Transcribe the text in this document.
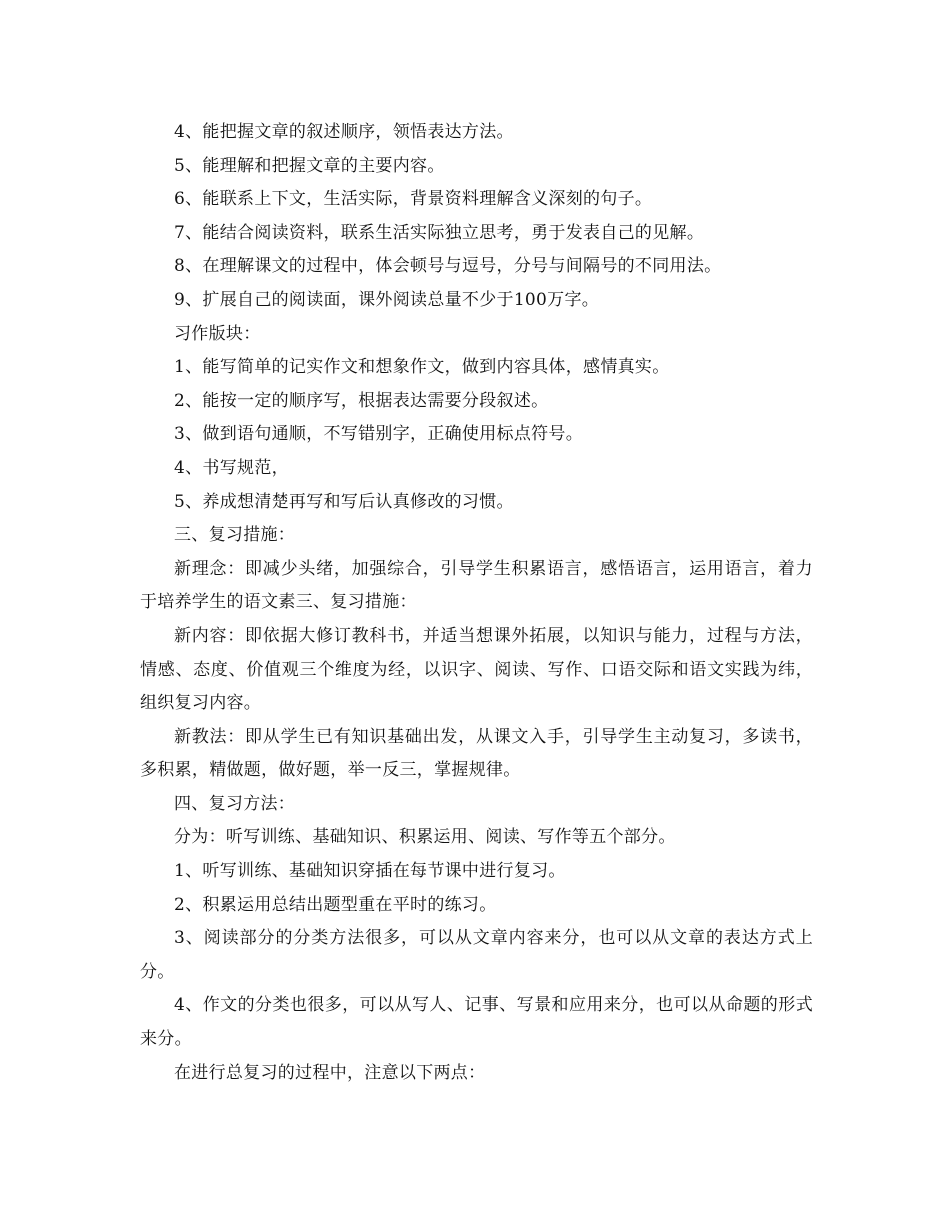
4、能把握文章的叙述顺序，领悟表达方法。

5、能理解和把握文章的主要内容。

6、能联系上下文，生活实际，背景资料理解含义深刻的句子。

7、能结合阅读资料，联系生活实际独立思考，勇于发表自己的见解。

8、在理解课文的过程中，体会顿号与逗号，分号与间隔号的不同用法。

9、扩展自己的阅读面，课外阅读总量不少于100万字。

习作版块：

1、能写简单的记实作文和想象作文，做到内容具体，感情真实。

2、能按一定的顺序写，根据表达需要分段叙述。

3、做到语句通顺，不写错别字，正确使用标点符号。

4、书写规范，

5、养成想清楚再写和写后认真修改的习惯。

三、复习措施：

新理念：即减少头绪，加强综合，引导学生积累语言，感悟语言，运用语言，着力于培养学生的语文素三、复习措施：

新内容：即依据大修订教科书，并适当想课外拓展，以知识与能力，过程与方法，情感、态度、价值观三个维度为经，以识字、阅读、写作、口语交际和语文实践为纬，组织复习内容。

新教法：即从学生已有知识基础出发，从课文入手，引导学生主动复习，多读书，多积累，精做题，做好题，举一反三，掌握规律。

四、复习方法：

分为：听写训练、基础知识、积累运用、阅读、写作等五个部分。

1、听写训练、基础知识穿插在每节课中进行复习。

2、积累运用总结出题型重在平时的练习。

3、阅读部分的分类方法很多，可以从文章内容来分，也可以从文章的表达方式上分。

4、作文的分类也很多，可以从写人、记事、写景和应用来分，也可以从命题的形式来分。

在进行总复习的过程中，注意以下两点：
